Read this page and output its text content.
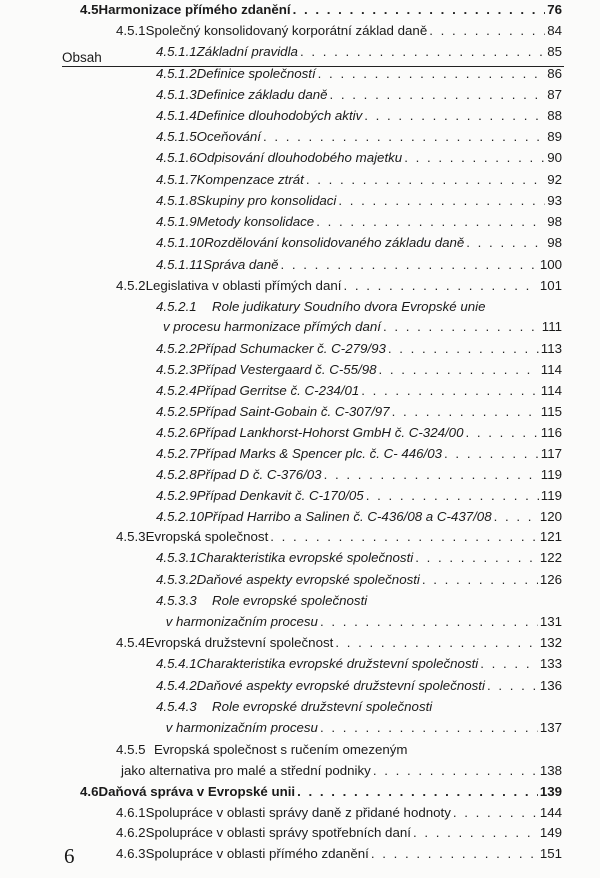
Obsah
4.5 Harmonizace přímého zdanění . . .	76
4.5.1 Společný konsolidovaný korporátní základ daně . . .	84
4.5.1.1 Základní pravidla . . .	85
4.5.1.2 Definice společností . . .	86
4.5.1.3 Definice základu daně . . .	87
4.5.1.4 Definice dlouhodobých aktiv . . .	88
4.5.1.5 Oceňování . . .	89
4.5.1.6 Odpisování dlouhodobého majetku . . .	90
4.5.1.7 Kompenzace ztrát . . .	92
4.5.1.8 Skupiny pro konsolidaci . . .	93
4.5.1.9 Metody konsolidace . . .	98
4.5.1.10 Rozdělování konsolidovaného základu daně . . .	98
4.5.1.11 Správa daně . . .	100
4.5.2 Legislativa v oblasti přímých daní . . .	101
4.5.2.1	Role judikatury Soudního dvora Evropské unie
v procesu harmonizace přímých daní . . .	111
4.5.2.2 Případ Schumacker č. C-279/93 . . .	113
4.5.2.3 Případ Vestergaard č. C-55/98 . . .	114
4.5.2.4 Případ Gerritse č. C-234/01 . . .	114
4.5.2.5 Případ Saint-Gobain č. C-307/97 . . .	115
4.5.2.6 Případ Lankhorst-Hohorst GmbH č. C-324/00 . . .	116
4.5.2.7 Případ Marks & Spencer plc. č. C- 446/03 . . .	117
4.5.2.8 Případ D č. C-376/03 . . .	119
4.5.2.9 Případ Denkavit č. C-170/05 . . .	119
4.5.2.10 Případ Harribo a Salinen č. C-436/08 a C-437/08 . . .	120
4.5.3 Evropská společnost . . .	121
4.5.3.1 Charakteristika evropské společnosti . . .	122
4.5.3.2 Daňové aspekty evropské společnosti . . .	126
4.5.3.3	Role evropské společnosti
v harmonizačním procesu . . .	131
4.5.4 Evropská družstevní společnost . . .	132
4.5.4.1 Charakteristika evropské družstevní společnosti . . .	133
4.5.4.2 Daňové aspekty evropské družstevní společnosti . . .	136
4.5.4.3	Role evropské družstevní společnosti
v harmonizačním procesu . . .	137
4.5.5 Evropská společnost s ručením omezeným
jako alternativa pro malé a střední podniky . . .	138
4.6 Daňová správa v Evropské unii . . .	139
4.6.1 Spolupráce v oblasti správy daně z přidané hodnoty . . .	144
4.6.2 Spolupráce v oblasti správy spotřebních daní . . .	149
4.6.3 Spolupráce v oblasti přímého zdanění . . .	151
6
